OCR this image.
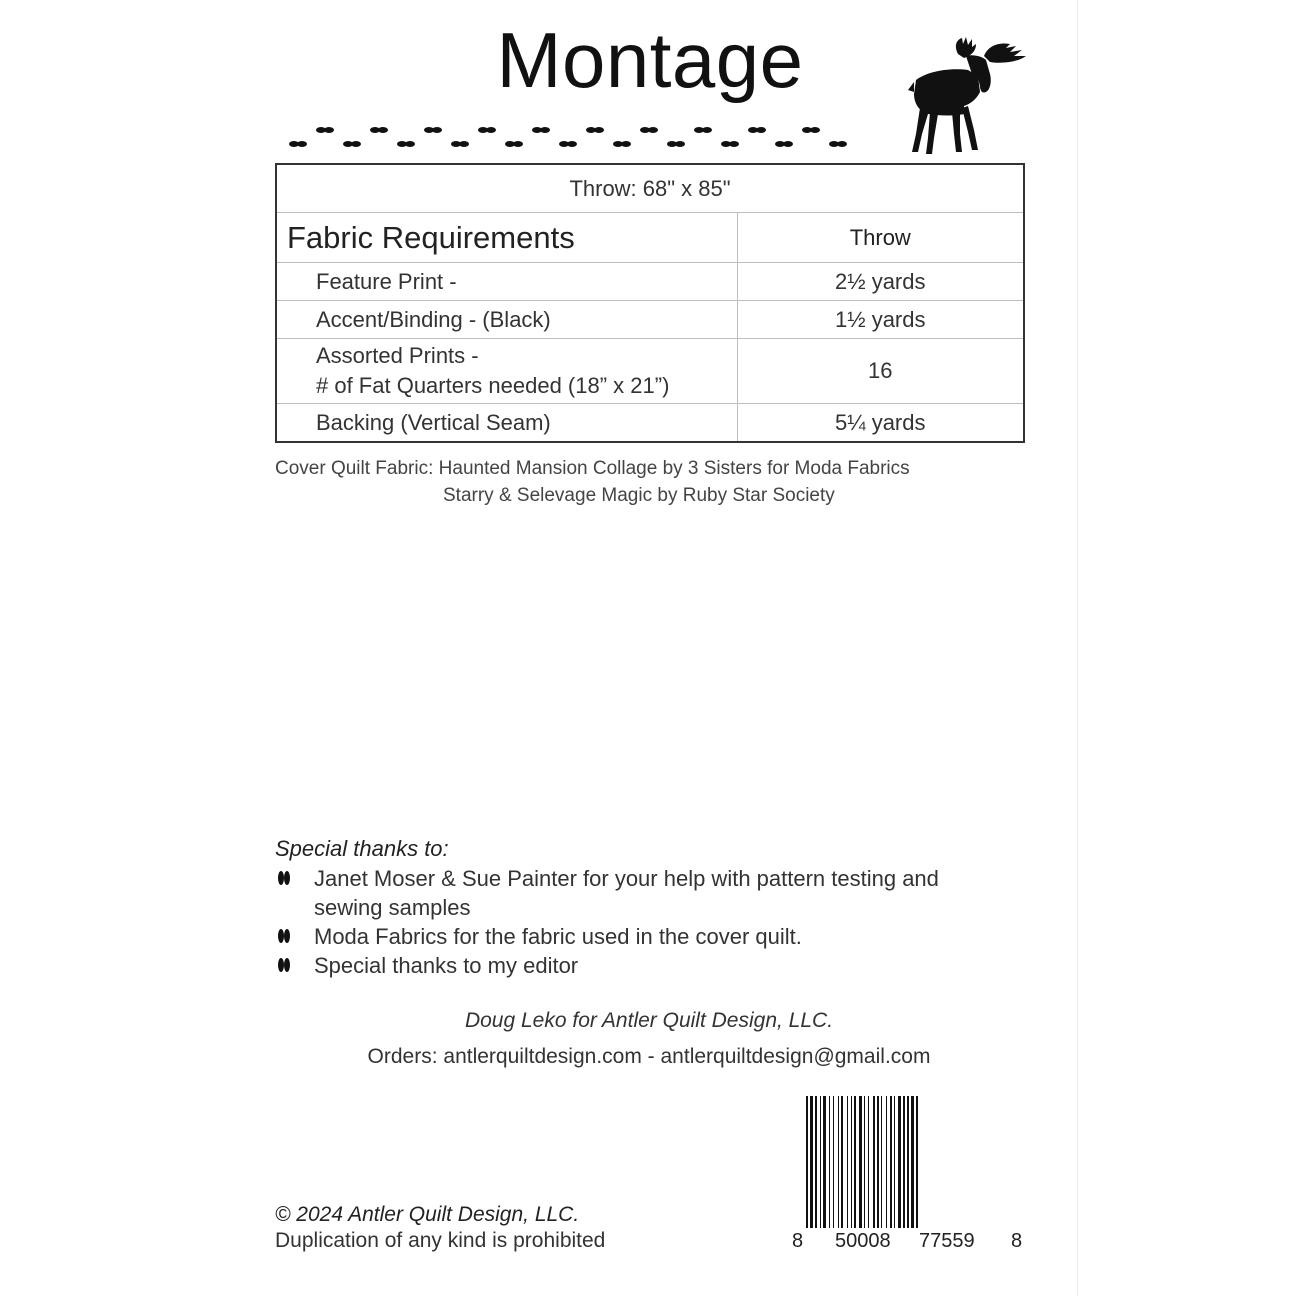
Montage
Throw: 68" x 85"	
Fabric Requirements	Throw
Feature Print -	2½ yards
Accent/Binding - (Black)	1½ yards
Assorted Prints -
# of Fat Quarters needed (18” x 21”)	16
Backing (Vertical Seam)	5¼ yards
Cover Quilt Fabric: Haunted Mansion Collage by 3 Sisters for Moda Fabrics
Starry & Selevage Magic by Ruby Star Society
Special thanks to:
Janet Moser & Sue Painter for your help with pattern testing and sewing samples
Moda Fabrics for the fabric used in the cover quilt.
Special thanks to my editor
Doug Leko for Antler Quilt Design, LLC.
Orders: antlerquiltdesign.com - antlerquiltdesign@gmail.com
8 50008 77559 8
© 2024 Antler Quilt Design, LLC.
Duplication of any kind is prohibited
